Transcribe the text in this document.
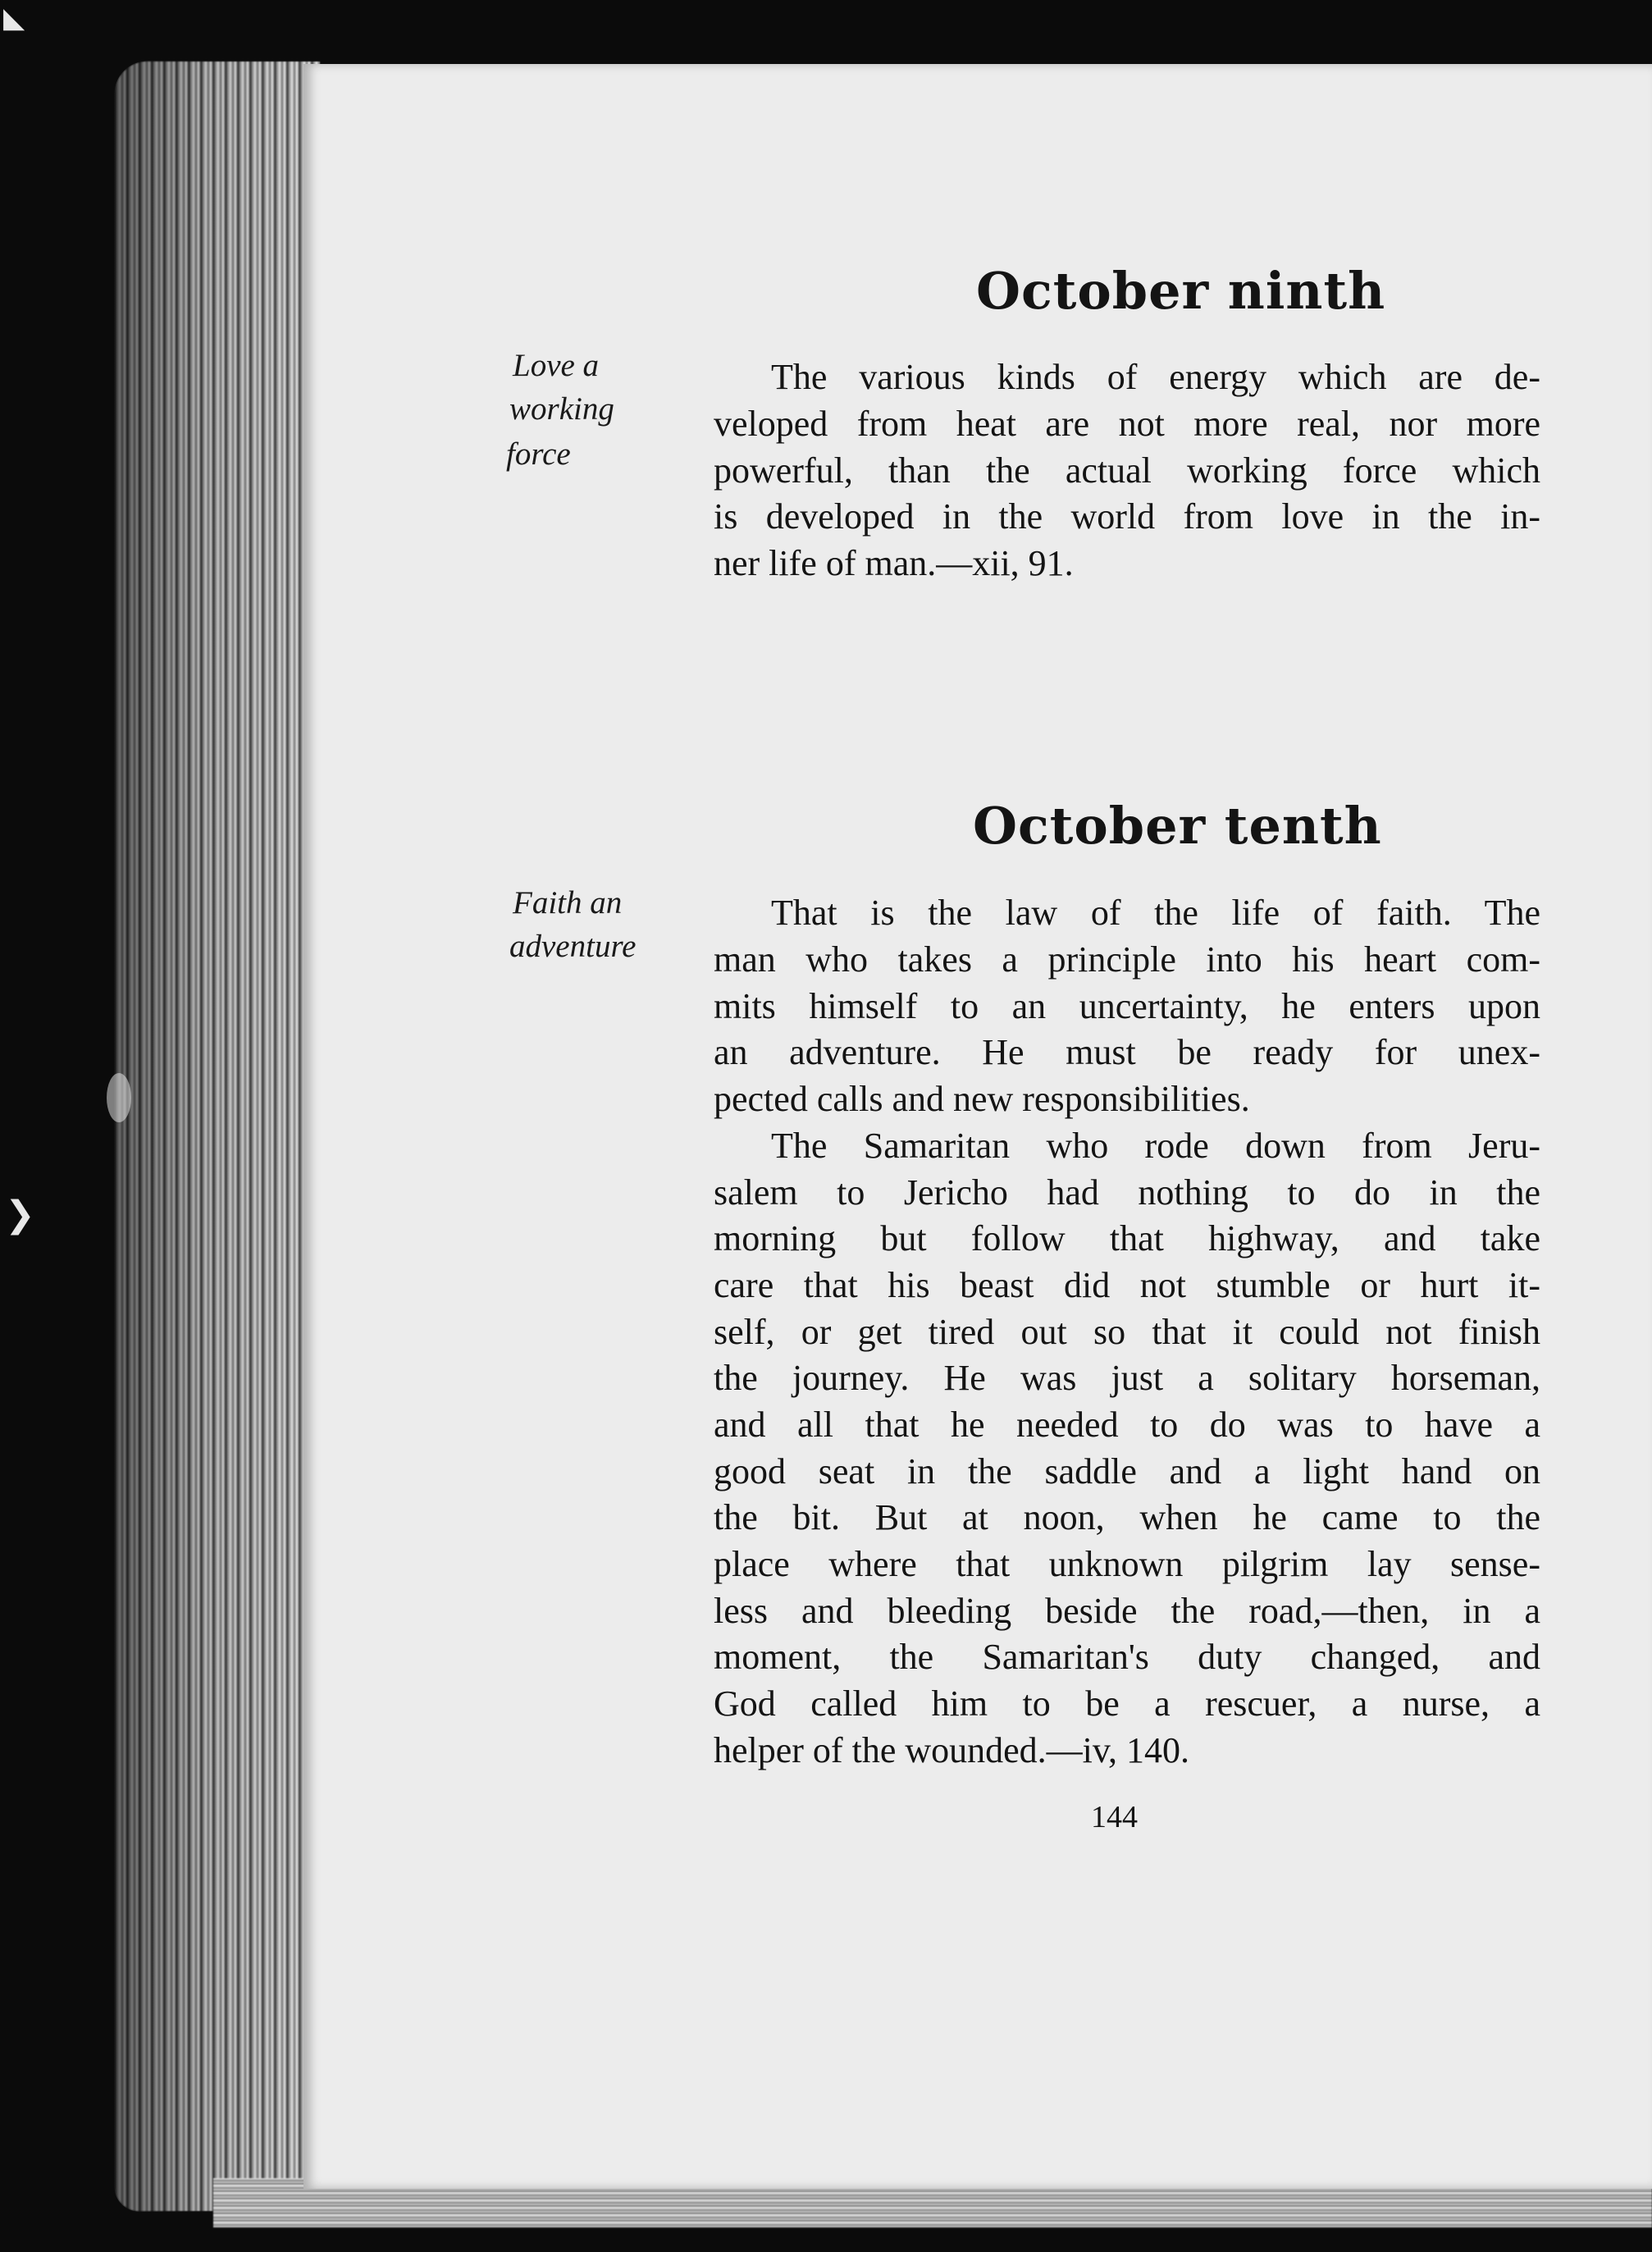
◣
❯
October ninth
Love a
working
force
The various kinds of energy which are de-
veloped from heat are not more real, nor more
powerful, than the actual working force which
is developed in the world from love in the in-
ner life of man.—xii, 91.
October tenth
Faith an
adventure
That is the law of the life of faith. The
man who takes a principle into his heart com-
mits himself to an uncertainty, he enters upon
an adventure. He must be ready for unex-
pected calls and new responsibilities.
The Samaritan who rode down from Jeru-
salem to Jericho had nothing to do in the
morning but follow that highway, and take
care that his beast did not stumble or hurt it-
self, or get tired out so that it could not finish
the journey. He was just a solitary horseman,
and all that he needed to do was to have a
good seat in the saddle and a light hand on
the bit. But at noon, when he came to the
place where that unknown pilgrim lay sense-
less and bleeding beside the road,—then, in a
moment, the Samaritan's duty changed, and
God called him to be a rescuer, a nurse, a
helper of the wounded.—iv, 140.
144
